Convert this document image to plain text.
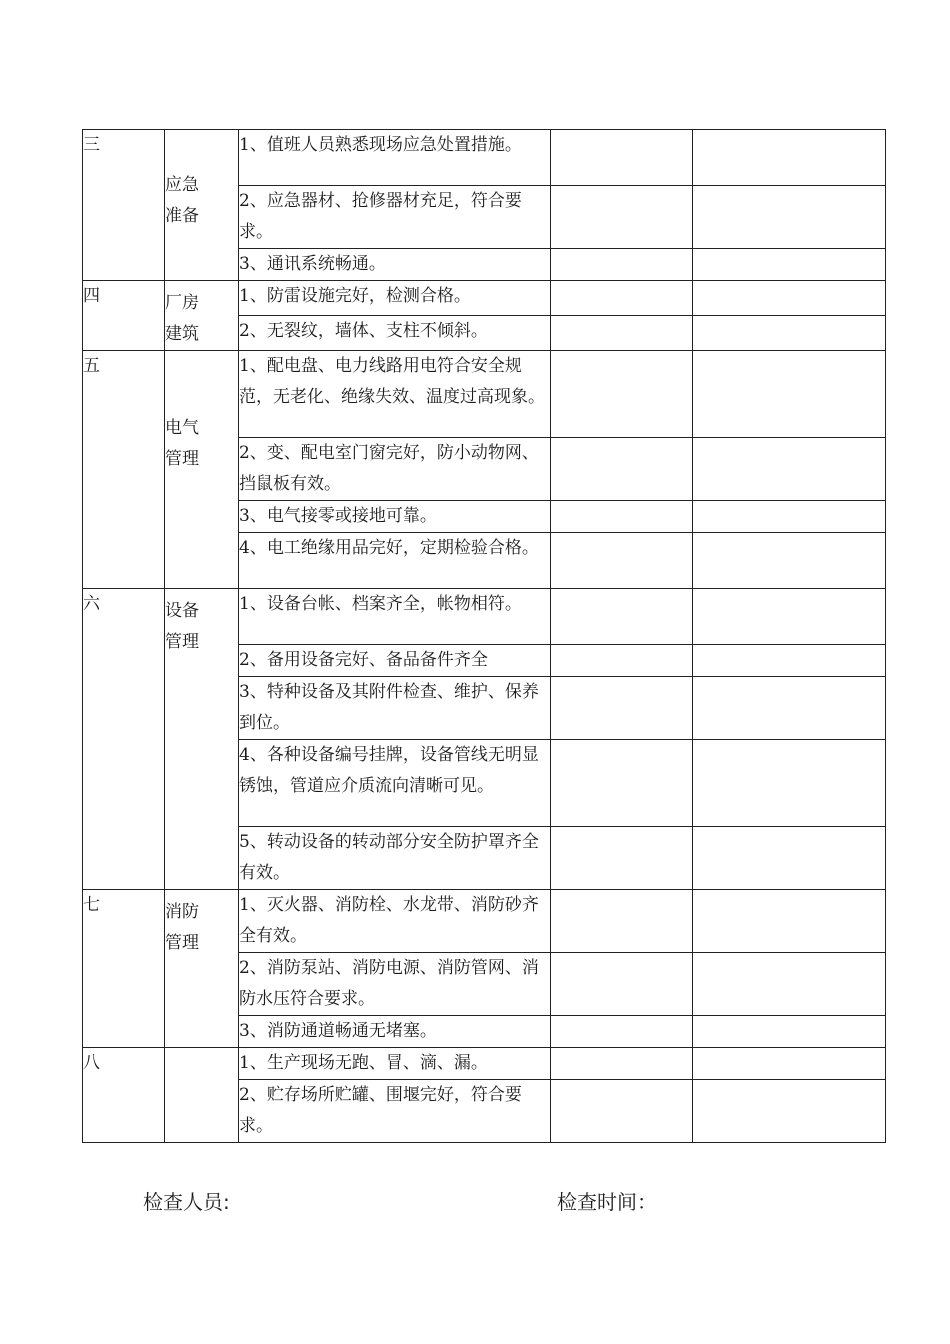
三	应急准备	1、值班人员熟悉现场应急处置措施。		
		2、应急器材、抢修器材充足，符合要求。		
		3、通讯系统畅通。		
四	厂房建筑	1、防雷设施完好，检测合格。		
		2、无裂纹，墙体、支柱不倾斜。		
五	电气管理	1、配电盘、电力线路用电符合安全规范，无老化、绝缘失效、温度过高现象。		
		2、变、配电室门窗完好，防小动物网、挡鼠板有效。		
		3、电气接零或接地可靠。		
		4、电工绝缘用品完好，定期检验合格。		
六	设备管理	1、设备台帐、档案齐全，帐物相符。		
		2、备用设备完好、备品备件齐全		
		3、特种设备及其附件检查、维护、保养到位。		
		4、各种设备编号挂牌，设备管线无明显锈蚀，管道应介质流向清晰可见。		
		5、转动设备的转动部分安全防护罩齐全有效。		
七	消防管理	1、灭火器、消防栓、水龙带、消防砂齐全有效。		
		2、消防泵站、消防电源、消防管网、消防水压符合要求。		
		3、消防通道畅通无堵塞。		
八		1、生产现场无跑、冒、滴、漏。		
		2、贮存场所贮罐、围堰完好，符合要求。		
检查人员:	检查时间：
